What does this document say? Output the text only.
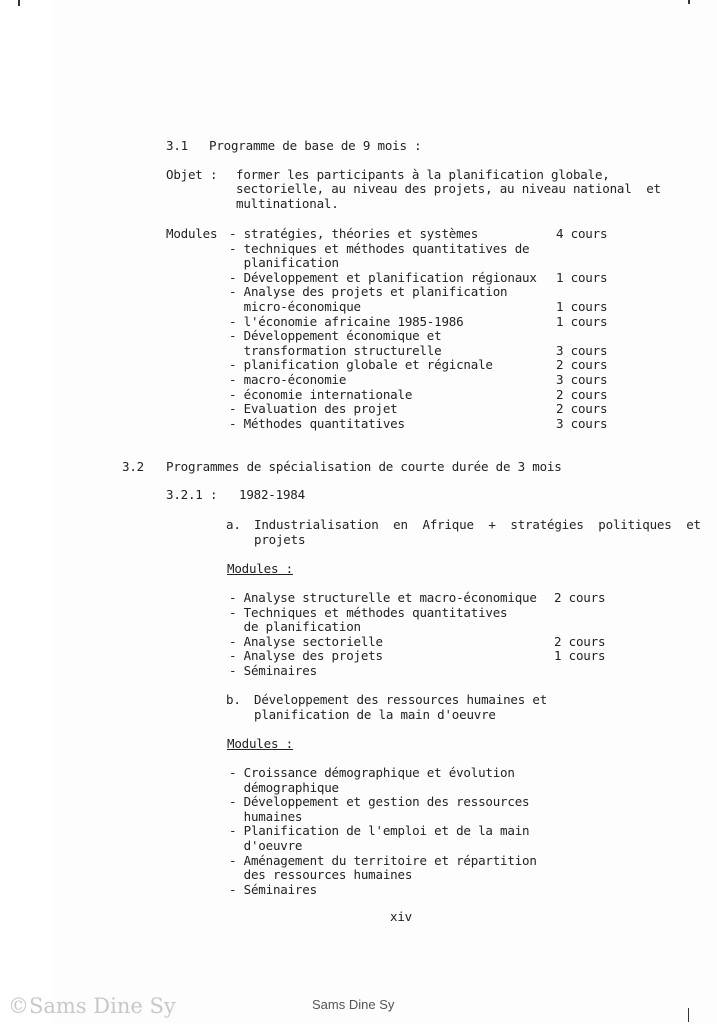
3.1 Programme de base de 9 mois :
Objet : former les participants à la planification globale,
sectorielle, au niveau des projets, au niveau national  et
multinational.
Modules - stratégies, théories et systèmes	4 cours
- techniques et méthodes quantitatives de
planification
- Développement et planification régionaux 1 cours
- Analyse des projets et planification
micro-économique	1 cours
- l'économie africaine 1985-1986	1 cours
- Développement économique et
transformation structurelle	3 cours
- planification globale et régicnale	2 cours
- macro-économie	3 cours
- économie internationale	2 cours
- Evaluation des projet	2 cours
- Méthodes quantitatives	3 cours
3.2 Programmes de spécialisation de courte durée de 3 mois
3.2.1 : 1982-1984
a. Industrialisation  en  Afrique  +  stratégies  politiques  et
projets
Modules :
- Analyse structurelle et macro-économique 2 cours
- Techniques et méthodes quantitatives
de planification
- Analyse sectorielle	2 cours
- Analyse des projets	1 cours
- Séminaires
b. Développement des ressources humaines et
planification de la main d'oeuvre
Modules :
- Croissance démographique et évolution
démographique
- Développement et gestion des ressources
humaines
- Planification de l'emploi et de la main
d'oeuvre
- Aménagement du territoire et répartition
des ressources humaines
- Séminaires
xiv
©Sams Dine Sy	Sams Dine Sy
